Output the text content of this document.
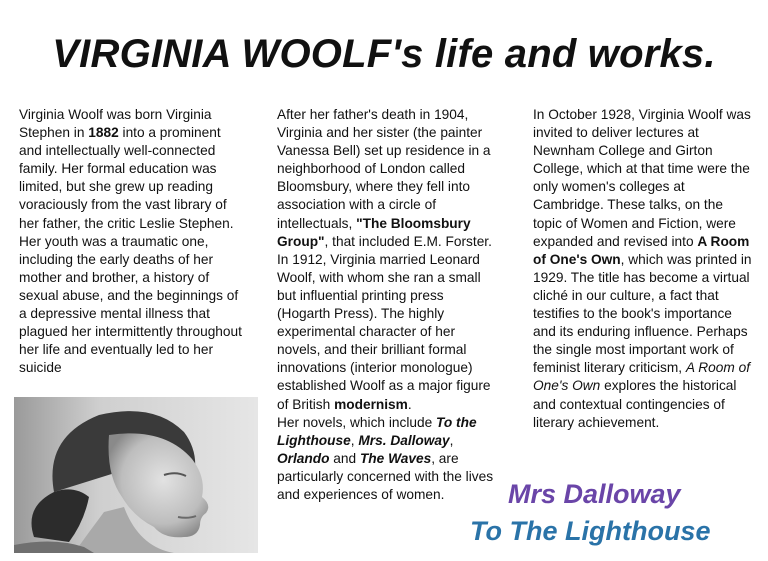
VIRGINIA WOOLF's life and works.

Virginia Woolf was born Virginia Stephen in 1882 into a prominent and intellectually well-connected family. Her formal education was limited, but she grew up reading voraciously from the vast library of her father, the critic Leslie Stephen.

Her youth was a traumatic one, including the early deaths of her mother and brother, a history of sexual abuse, and the beginnings of a depressive mental illness that plagued her intermittently throughout her life and eventually led to her suicide

After her father's death in 1904, Virginia and her sister (the painter Vanessa Bell) set up residence in a neighborhood of London called Bloomsbury, where they fell into association with a circle of intellectuals, "The Bloomsbury Group", that included E.M. Forster. In 1912, Virginia married Leonard Woolf, with whom she ran a small but influential printing press (Hogarth Press). The highly experimental character of her novels, and their brilliant formal innovations (interior monologue) established Woolf as a major figure of British modernism.

Her novels, which include To the Lighthouse, Mrs. Dalloway, Orlando and The Waves, are particularly concerned with the lives and experiences of women.

In October 1928, Virginia Woolf was invited to deliver lectures at Newnham College and Girton College, which at that time were the only women's colleges at Cambridge. These talks, on the topic of Women and Fiction, were expanded and revised into A Room of One's Own, which was printed in 1929. The title has become a virtual cliché in our culture, a fact that testifies to the book's importance and its enduring influence. Perhaps the single most important work of feminist literary criticism, A Room of One's Own explores the historical and contextual contingencies of literary achievement.

Mrs Dalloway
To The Lighthouse
